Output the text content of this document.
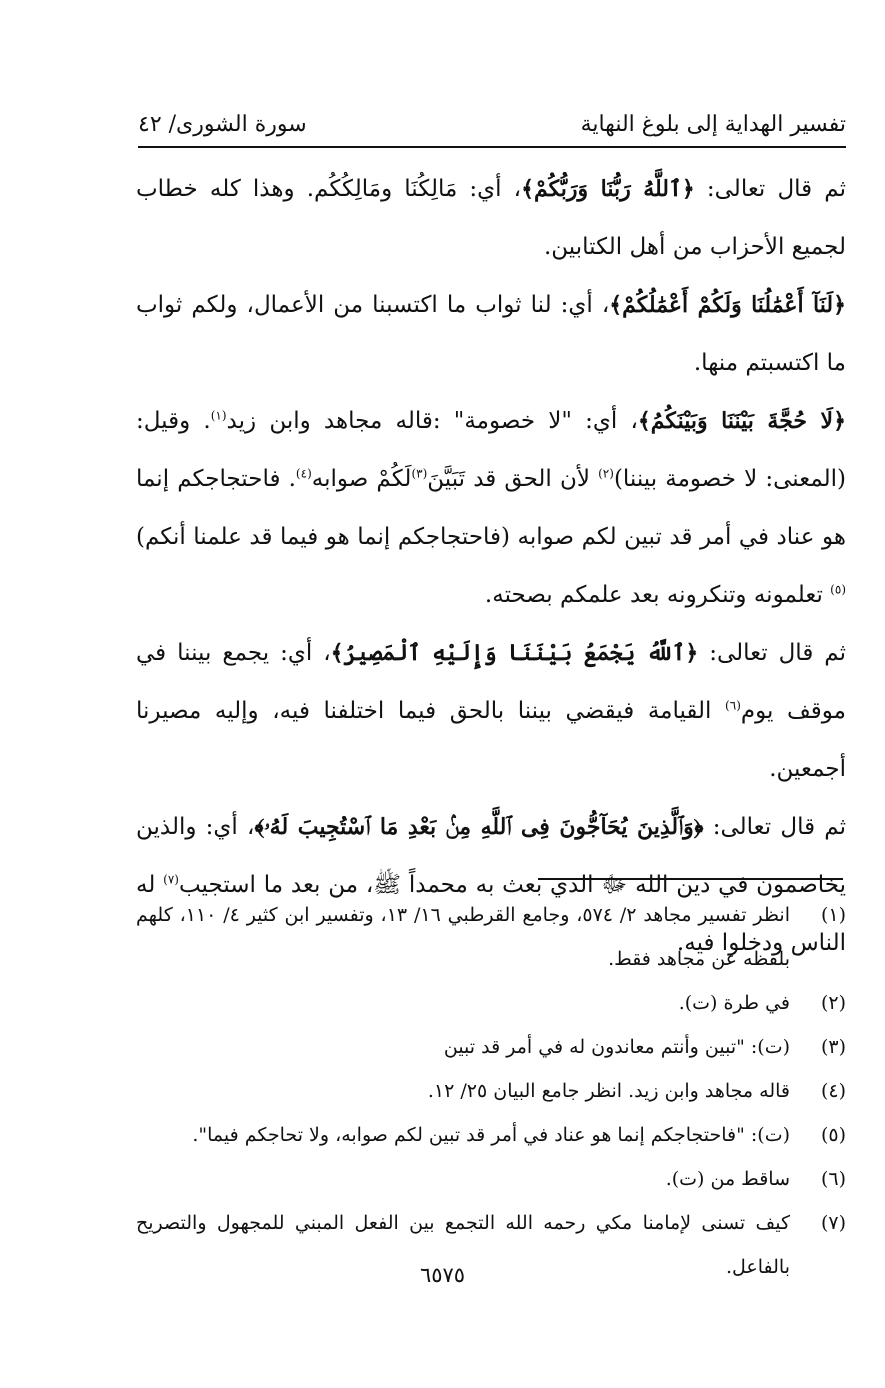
تفسير الهداية إلى بلوغ النهاية
سورة الشورى/ ٤٢

ثم قال تعالى: ﴿ٱللَّهُ رَبُّنَا وَرَبُّكُمْ﴾، أي: مَالِكُنَا ومَالِكُكُم. وهذا كله خطاب لجميع الأحزاب من أهل الكتابين.

﴿لَنَآ أَعْمَٰلُنَا وَلَكُمْ أَعْمَٰلُكُمْ﴾، أي: لنا ثواب ما اكتسبنا من الأعمال، ولكم ثواب ما اكتسبتم منها.

﴿لَا حُجَّةَ بَيْنَنَا وَبَيْنَكُمُ﴾، أي: "لا خصومة" :قاله مجاهد وابن زيد$^{(١)}$. وقيل: (المعنى: لا خصومة بيننا)$^{(٢)}$ لأن الحق قد تَبَيَّنَ$^{(٣)}$لَكُمْ صوابه$^{(٤)}$. فاحتجاجكم إنما هو عناد في أمر قد تبين لكم صوابه (فاحتجاجكم إنما هو فيما قد علمنا أنكم)$^{(٥)}$ تعلمونه وتنكرونه بعد علمكم بصحته.

ثم قال تعالى: ﴿ٱللَّهُ يَجْمَعُ بَيْنَنَا وَإِلَيْهِ ٱلْمَصِيرُ﴾، أي: يجمع بيننا في موقف يوم$^{(٦)}$ القيامة فيقضي بيننا بالحق فيما اختلفنا فيه، وإليه مصيرنا أجمعين.

ثم قال تعالى: ﴿وَٱلَّذِينَ يُحَآجُّونَ فِى ٱللَّهِ مِنۢ بَعْدِ مَا ٱسْتُجِيبَ لَهُۥ﴾، أي: والذين يخاصمون في دين الله ﷻ الذي بعث به محمداً ﷺ، من بعد ما استجيب$^{(٧)}$ له الناس ودخلوا فيه.

(١)
انظر تفسير مجاهد ٢/ ٥٧٤، وجامع القرطبي ١٦/ ١٣، وتفسير ابن كثير ٤/ ١١٠، كلهم بلفظه عن مجاهد فقط.
(٢)
في طرة (ت).
(٣)
(ت): "تبين وأنتم معاندون له في أمر قد تبين
(٤)
قاله مجاهد وابن زيد. انظر جامع البيان ٢٥/ ١٢.
(٥)
(ت): "فاحتجاجكم إنما هو عناد في أمر قد تبين لكم صوابه، ولا تحاجكم فيما".
(٦)
ساقط من (ت).
(٧)
كيف تسنى لإمامنا مكي رحمه الله التجمع بين الفعل المبني للمجهول والتصريح بالفاعل.
٦٥٧٥
